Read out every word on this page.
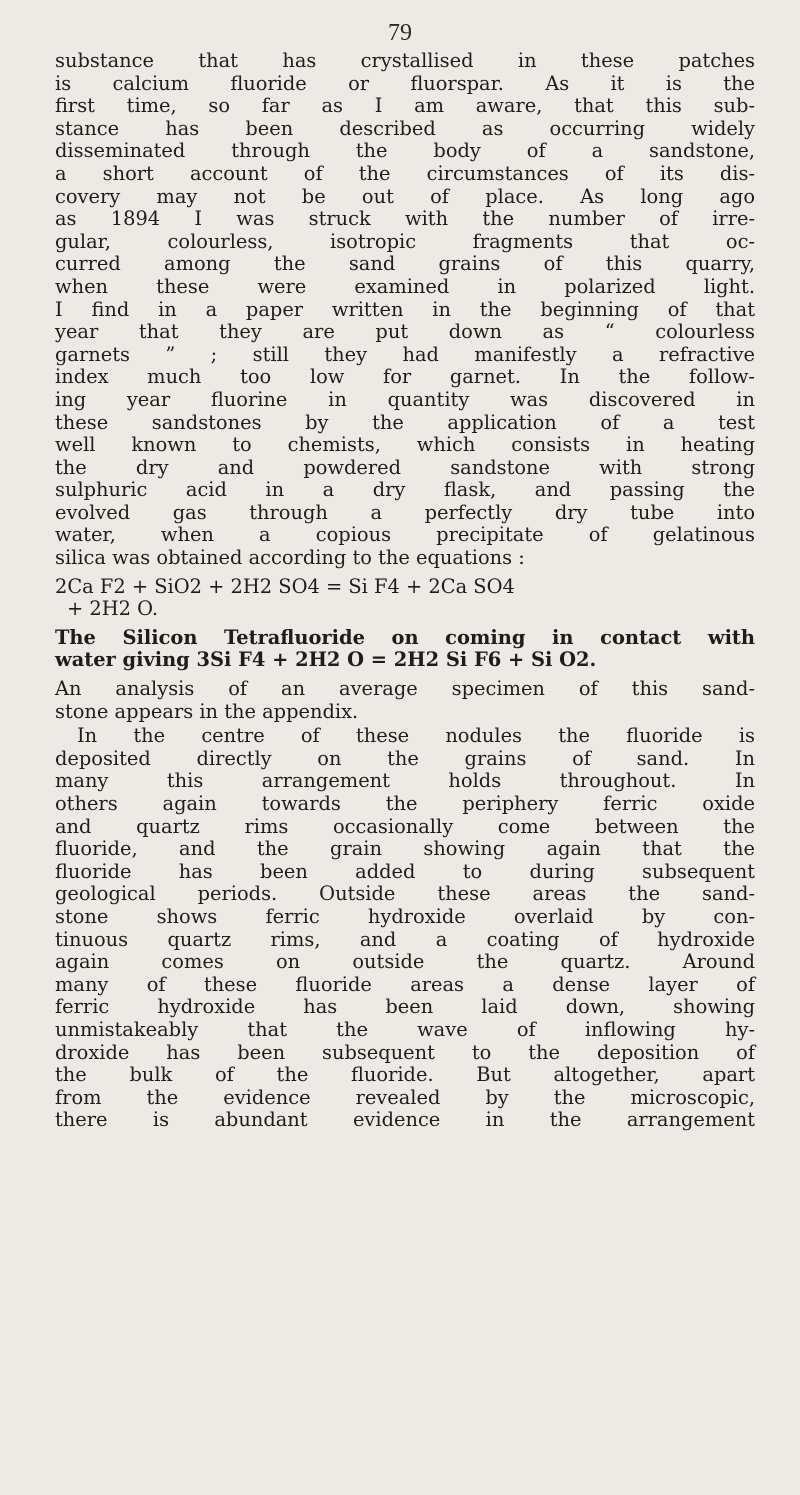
79

substance that has crystallised in these patches
is calcium fluoride or fluorspar. As it is the
first time, so far as I am aware, that this sub-
stance has been described as occurring widely
disseminated through the body of a sandstone,
a short account of the circumstances of its dis-
covery may not be out of place. As long ago
as 1894 I was struck with the number of irre-
gular, colourless, isotropic fragments that oc-
curred among the sand grains of this quarry,
when these were examined in polarized light.
I find in a paper written in the beginning of that
year that they are put down as “ colourless
garnets ” ; still they had manifestly a refractive
index much too low for garnet. In the follow-
ing year fluorine in quantity was discovered in
these sandstones by the application of a test
well known to chemists, which consists in heating
the dry and powdered sandstone with strong
sulphuric acid in a dry flask, and passing the
evolved gas through a perfectly dry tube into
water, when a copious precipitate of gelatinous
silica was obtained according to the equations :

2Ca F2 + SiO2 + 2H2 SO4 = Si F4 + 2Ca SO4
+ 2H2 O.

The Silicon Tetrafluoride on coming in contact with
water giving 3Si F4 + 2H2 O = 2H2 Si F6 + Si O2.

An analysis of an average specimen of this sand-
stone appears in the appendix.

In the centre of these nodules the fluoride is
deposited directly on the grains of sand. In
many this arrangement holds throughout. In
others again towards the periphery ferric oxide
and quartz rims occasionally come between the
fluoride, and the grain showing again that the
fluoride has been added to during subsequent
geological periods. Outside these areas the sand-
stone shows ferric hydroxide overlaid by con-
tinuous quartz rims, and a coating of hydroxide
again comes on outside the quartz. Around
many of these fluoride areas a dense layer of
ferric hydroxide has been laid down, showing
unmistakeably that the wave of inflowing hy-
droxide has been subsequent to the deposition of
the bulk of the fluoride. But altogether, apart
from the evidence revealed by the microscopic,
there is abundant evidence in the arrangement
